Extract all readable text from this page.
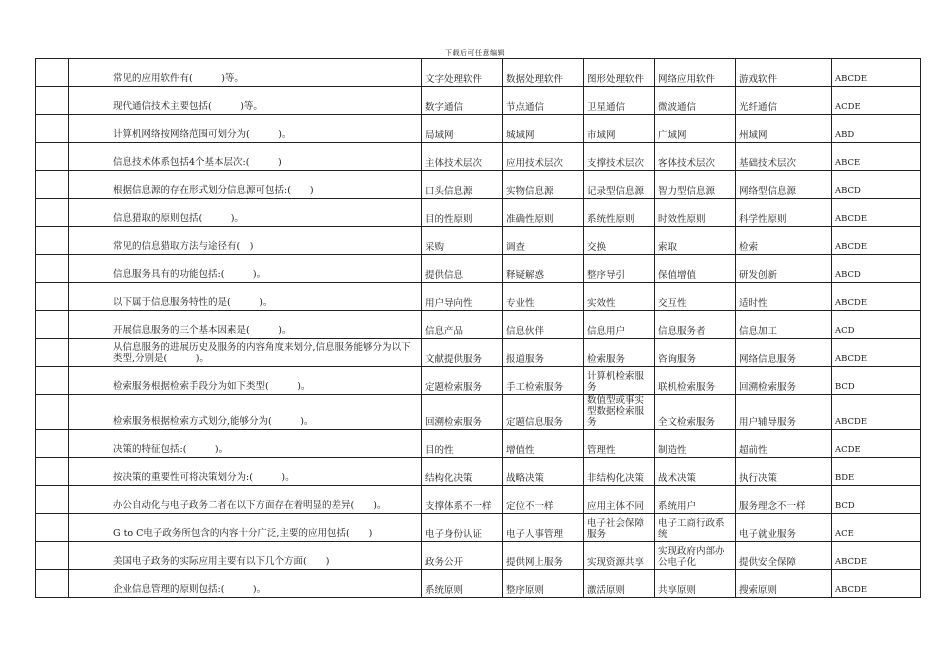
下载后可任意编辑
	常见的应用软件有(　　　)等。	文字处理软件	数据处理软件	图形处理软件	网络应用软件	游戏软件	ABCDE
	现代通信技术主要包括(　　　)等。	数字通信	节点通信	卫星通信	微波通信	光纤通信	ACDE
	计算机网络按网络范围可划分为(　　　)。	局域网	城域网	市域网	广域网	州域网	ABD
	信息技术体系包括4个基本层次:(　　　)	主体技术层次	应用技术层次	支撑技术层次	客体技术层次	基础技术层次	ABCE
	根据信息源的存在形式划分信息源可包括:(　　)	口头信息源	实物信息源	记录型信息源	智力型信息源	网络型信息源	ABCD
	信息猎取的原则包括(　　　)。	目的性原则	准确性原则	系统性原则	时效性原则	科学性原则	ABCDE
	常见的信息猎取方法与途径有(　)	采购	调查	交换	索取	检索	ABCDE
	信息服务具有的功能包括:(　　　)。	提供信息	释疑解惑	整序导引	保值增值	研发创新	ABCD
	以下属于信息服务特性的是(　　　)。	用户导向性	专业性	实效性	交互性	适时性	ABCDE
	开展信息服务的三个基本因素是(　　　)。	信息产品	信息伙伴	信息用户	信息服务者	信息加工	ACD
	从信息服务的进展历史及服务的内容角度来划分,信息服务能够分为以下类型,分别是(　　　)。	文献提供服务	报道服务	检索服务	咨询服务	网络信息服务	ABCDE
	检索服务根据检索手段分为如下类型(　　　)。	定题检索服务	手工检索服务	计算机检索服务	联机检索服务	回溯检索服务	BCD
	检索服务根据检索方式划分,能够分为(　　　)。	回溯检索服务	定题信息服务	数值型或事实型数据检索服务	全文检索服务	用户辅导服务	ABCDE
	决策的特征包括:(　　　)。	目的性	增值性	管理性	制造性	超前性	ACDE
	按决策的重要性可将决策划分为:(　　　)。	结构化决策	战略决策	非结构化决策	战术决策	执行决策	BDE
	办公自动化与电子政务二者在以下方面存在着明显的差异(　　)。	支撑体系不一样	定位不一样	应用主体不同	系统用户	服务理念不一样	BCD
	G to C电子政务所包含的内容十分广泛,主要的应用包括(　　)	电子身份认证	电子人事管理	电子社会保障服务	电子工商行政系统	电子就业服务	ACE
	美国电子政务的实际应用主要有以下几个方面(　　)	政务公开	提供网上服务	实现资源共享	实现政府内部办公电子化	提供安全保障	ABCDE
	企业信息管理的原则包括:(　　　)。	系统原则	整序原则	激活原则	共享原则	搜索原则	ABCDE
